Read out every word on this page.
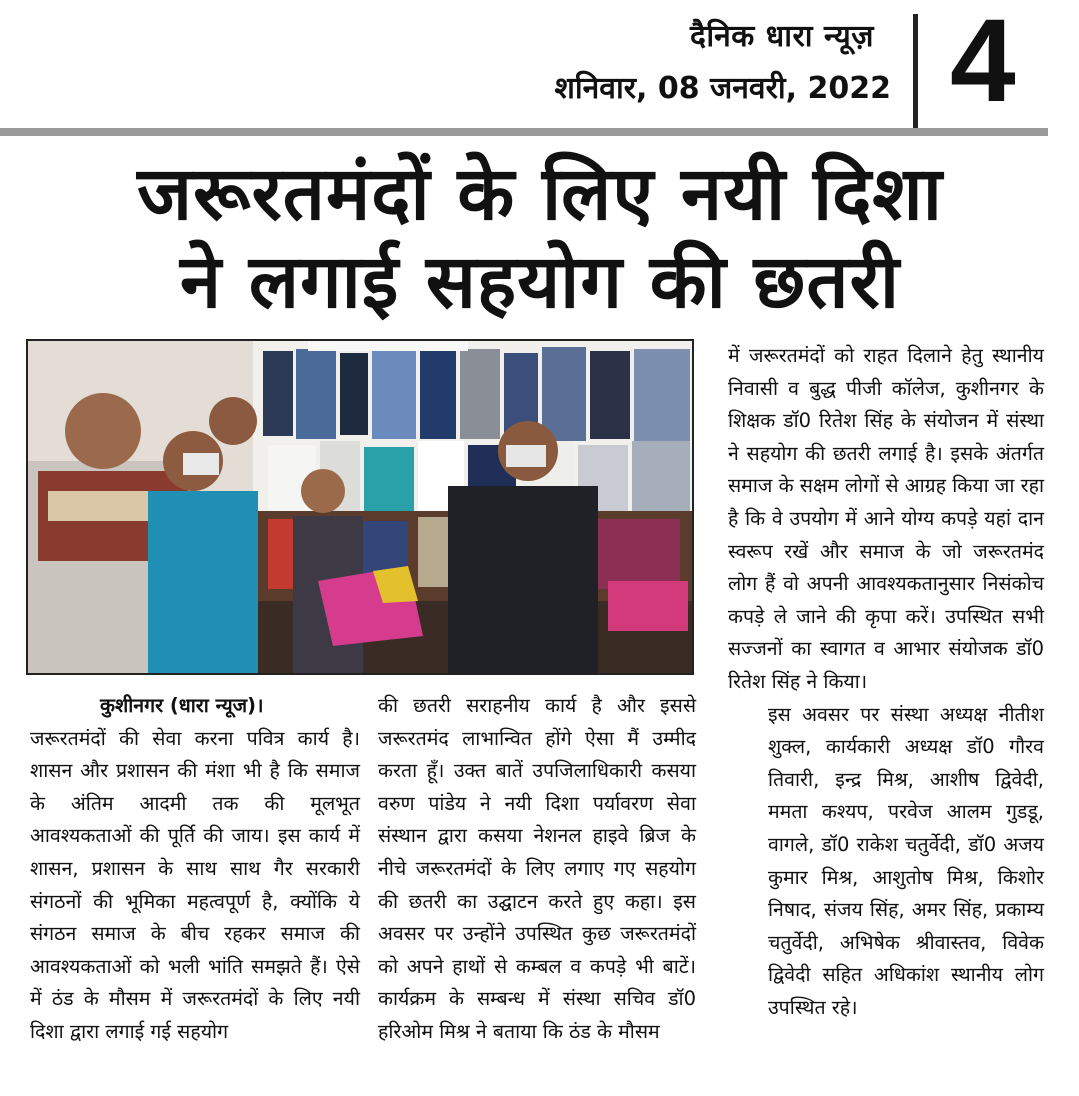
दैनिक धारा न्यूज़
शनिवार, 08 जनवरी, 2022 4
जरूरतमंदों के लिए नयी दिशा
ने लगाई सहयोग की छतरी

कुशीनगर (धारा न्यूज)।

जरूरतमंदों की सेवा करना पवित्र कार्य है। शासन और प्रशासन की मंशा भी है कि समाज के अंतिम आदमी तक की मूलभूत आवश्यकताओं की पूर्ति की जाय। इस कार्य में शासन, प्रशासन के साथ साथ गैर सरकारी संगठनों की भूमिका महत्वपूर्ण है, क्योंकि ये संगठन समाज के बीच रहकर समाज की आवश्यकताओं को भली भांति समझते हैं। ऐसे में ठंड के मौसम में जरूरतमंदों के लिए नयी दिशा द्वारा लगाई गई सहयोग

की छतरी सराहनीय कार्य है और इससे जरूरतमंद लाभान्वित होंगे ऐसा मैं उम्मीद करता हूँ। उक्त बातें उपजिलाधिकारी कसया वरुण पांडेय ने नयी दिशा पर्यावरण सेवा संस्थान द्वारा कसया नेशनल हाइवे ब्रिज के नीचे जरूरतमंदों के लिए लगाए गए सहयोग की छतरी का उद्घाटन करते हुए कहा। इस अवसर पर उन्होंने उपस्थित कुछ जरूरतमंदों को अपने हाथों से कम्बल व कपड़े भी बाटें। कार्यक्रम के सम्बन्ध में संस्था सचिव डॉ0 हरिओम मिश्र ने बताया कि ठंड के मौसम

में जरूरतमंदों को राहत दिलाने हेतु स्थानीय निवासी व बुद्ध पीजी कॉलेज, कुशीनगर के शिक्षक डॉ0 रितेश सिंह के संयोजन में संस्था ने सहयोग की छतरी लगाई है। इसके अंतर्गत समाज के सक्षम लोगों से आग्रह किया जा रहा है कि वे उपयोग में आने योग्य कपड़े यहां दान स्वरूप रखें और समाज के जो जरूरतमंद लोग हैं वो अपनी आवश्यकतानुसार निसंकोच कपड़े ले जाने की कृपा करें। उपस्थित सभी सज्जनों का स्वागत व आभार संयोजक डॉ0 रितेश सिंह ने किया।

इस अवसर पर संस्था अध्यक्ष नीतीश शुक्ल, कार्यकारी अध्यक्ष डॉ0 गौरव तिवारी, इन्द्र मिश्र, आशीष द्विवेदी, ममता कश्यप, परवेज आलम गुडडू, वागले, डॉ0 राकेश चतुर्वेदी, डॉ0 अजय कुमार मिश्र, आशुतोष मिश्र, किशोर निषाद, संजय सिंह, अमर सिंह, प्रकाम्य चतुर्वेदी, अभिषेक श्रीवास्तव, विवेक द्विवेदी सहित अधिकांश स्थानीय लोग उपस्थित रहे।
